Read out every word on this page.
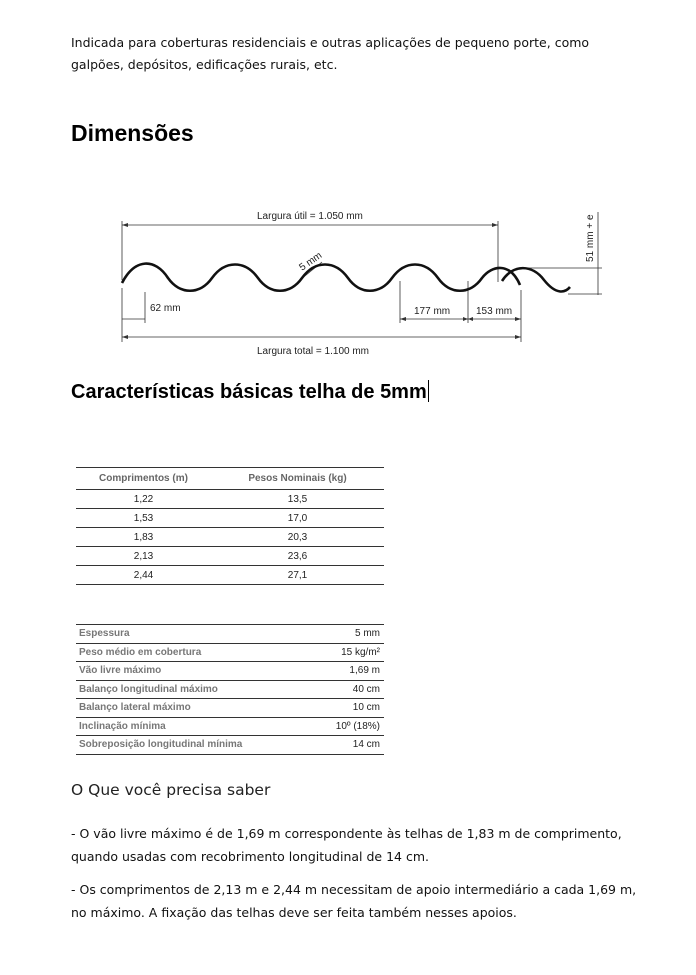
Indicada para coberturas residenciais e outras aplicações de pequeno porte, como galpões, depósitos, edificações rurais, etc.

Dimensões
Largura útil = 1.050 mm
Largura total = 1.100 mm
62 mm	177 mm	153 mm
5 mm	51 mm + e
Características básicas telha de 5mm
Comprimentos (m)	Pesos Nominais (kg)
1,22	13,5
1,53	17,0
1,83	20,3
2,13	23,6
2,44	27,1
Espessura	5 mm
Peso médio em cobertura	15 kg/m²
Vão livre máximo	1,69 m
Balanço longitudinal máximo	40 cm
Balanço lateral máximo	10 cm
Inclinação mínima	10º (18%)
Sobreposição longitudinal mínima	14 cm
O Que você precisa saber

- O vão livre máximo é de 1,69 m correspondente às telhas de 1,83 m de comprimento, quando usadas com recobrimento longitudinal de 14 cm.

- Os comprimentos de 2,13 m e 2,44 m necessitam de apoio intermediário a cada 1,69 m, no máximo. A fixação das telhas deve ser feita também nesses apoios.
